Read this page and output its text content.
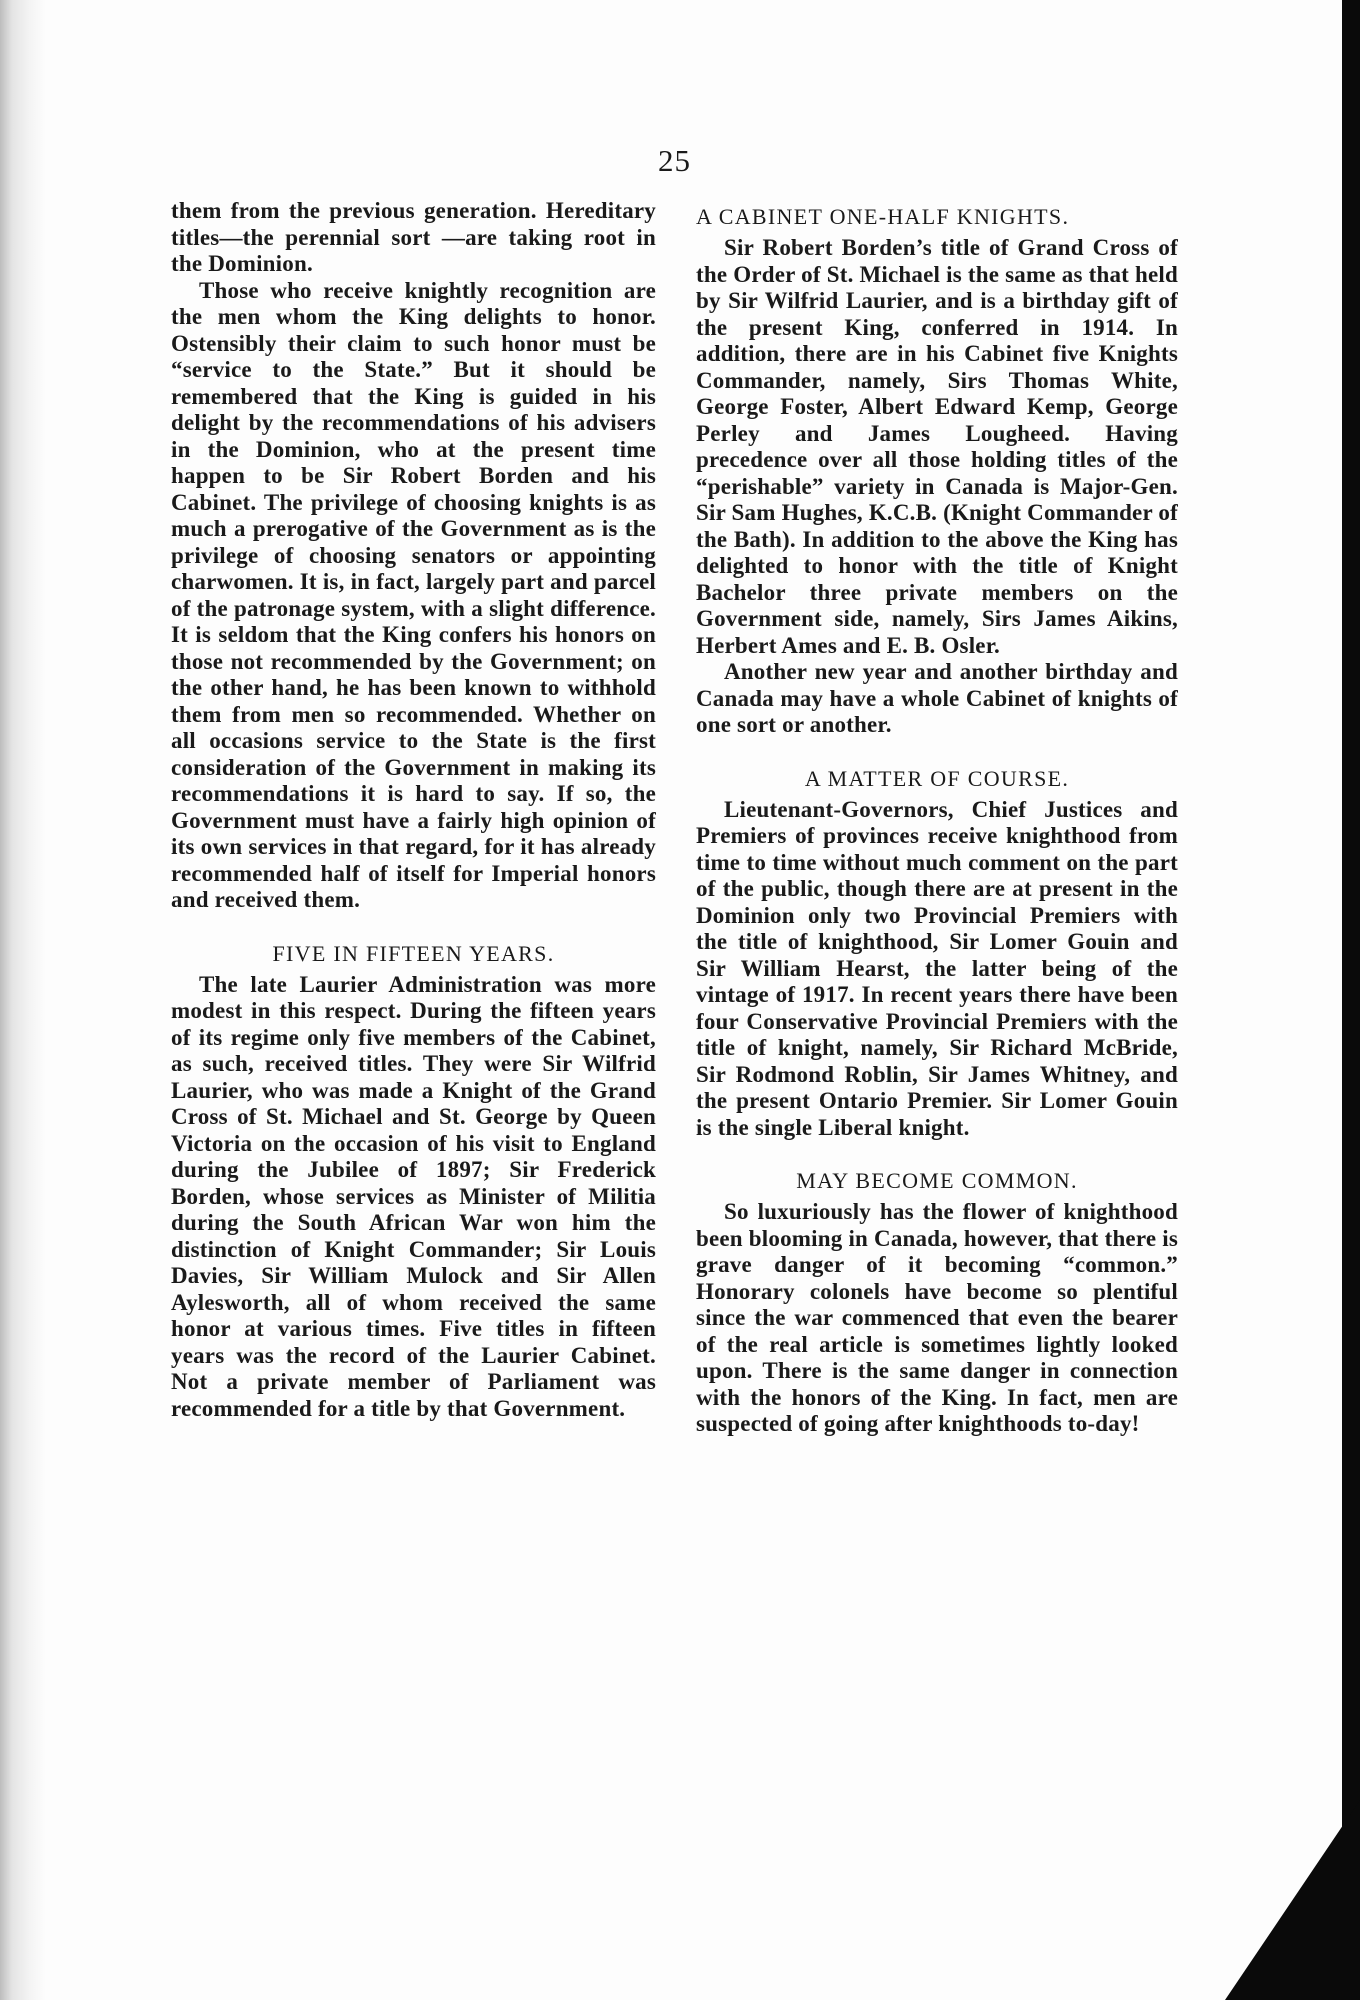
25

them from the previous generation. Hereditary titles—the perennial sort —are taking root in the Dominion.

Those who receive knightly recognition are the men whom the King delights to honor. Ostensibly their claim to such honor must be “service to the State.” But it should be remembered that the King is guided in his delight by the recommendations of his advisers in the Dominion, who at the present time happen to be Sir Robert Borden and his Cabinet. The privilege of choosing knights is as much a prerogative of the Government as is the privilege of choosing senators or appointing charwomen. It is, in fact, largely part and parcel of the patronage system, with a slight difference. It is seldom that the King confers his honors on those not recommended by the Government; on the other hand, he has been known to withhold them from men so recommended. Whether on all occasions service to the State is the first consideration of the Government in making its recommendations it is hard to say. If so, the Government must have a fairly high opinion of its own services in that regard, for it has already recommended half of itself for Imperial honors and received them.

FIVE IN FIFTEEN YEARS.

The late Laurier Administration was more modest in this respect. During the fifteen years of its regime only five members of the Cabinet, as such, received titles. They were Sir Wilfrid Laurier, who was made a Knight of the Grand Cross of St. Michael and St. George by Queen Victoria on the occasion of his visit to England during the Jubilee of 1897; Sir Frederick Borden, whose services as Minister of Militia during the South African War won him the distinction of Knight Commander; Sir Louis Davies, Sir William Mulock and Sir Allen Aylesworth, all of whom received the same honor at various times. Five titles in fifteen years was the record of the Laurier Cabinet. Not a private member of Parliament was recommended for a title by that Government.

A CABINET ONE-HALF KNIGHTS.

Sir Robert Borden’s title of Grand Cross of the Order of St. Michael is the same as that held by Sir Wilfrid Laurier, and is a birthday gift of the present King, conferred in 1914. In addition, there are in his Cabinet five Knights Commander, namely, Sirs Thomas White, George Foster, Albert Edward Kemp, George Perley and James Lougheed. Having precedence over all those holding titles of the “perishable” variety in Canada is Major-Gen. Sir Sam Hughes, K.C.B. (Knight Commander of the Bath). In addition to the above the King has delighted to honor with the title of Knight Bachelor three private members on the Government side, namely, Sirs James Aikins, Herbert Ames and E. B. Osler.

Another new year and another birthday and Canada may have a whole Cabinet of knights of one sort or another.

A MATTER OF COURSE.

Lieutenant-Governors, Chief Justices and Premiers of provinces receive knighthood from time to time without much comment on the part of the public, though there are at present in the Dominion only two Provincial Premiers with the title of knighthood, Sir Lomer Gouin and Sir William Hearst, the latter being of the vintage of 1917. In recent years there have been four Conservative Provincial Premiers with the title of knight, namely, Sir Richard McBride, Sir Rodmond Roblin, Sir James Whitney, and the present Ontario Premier. Sir Lomer Gouin is the single Liberal knight.

MAY BECOME COMMON.

So luxuriously has the flower of knighthood been blooming in Canada, however, that there is grave danger of it becoming “common.” Honorary colonels have become so plentiful since the war commenced that even the bearer of the real article is sometimes lightly looked upon. There is the same danger in connection with the honors of the King. In fact, men are suspected of going after knighthoods to-day!
